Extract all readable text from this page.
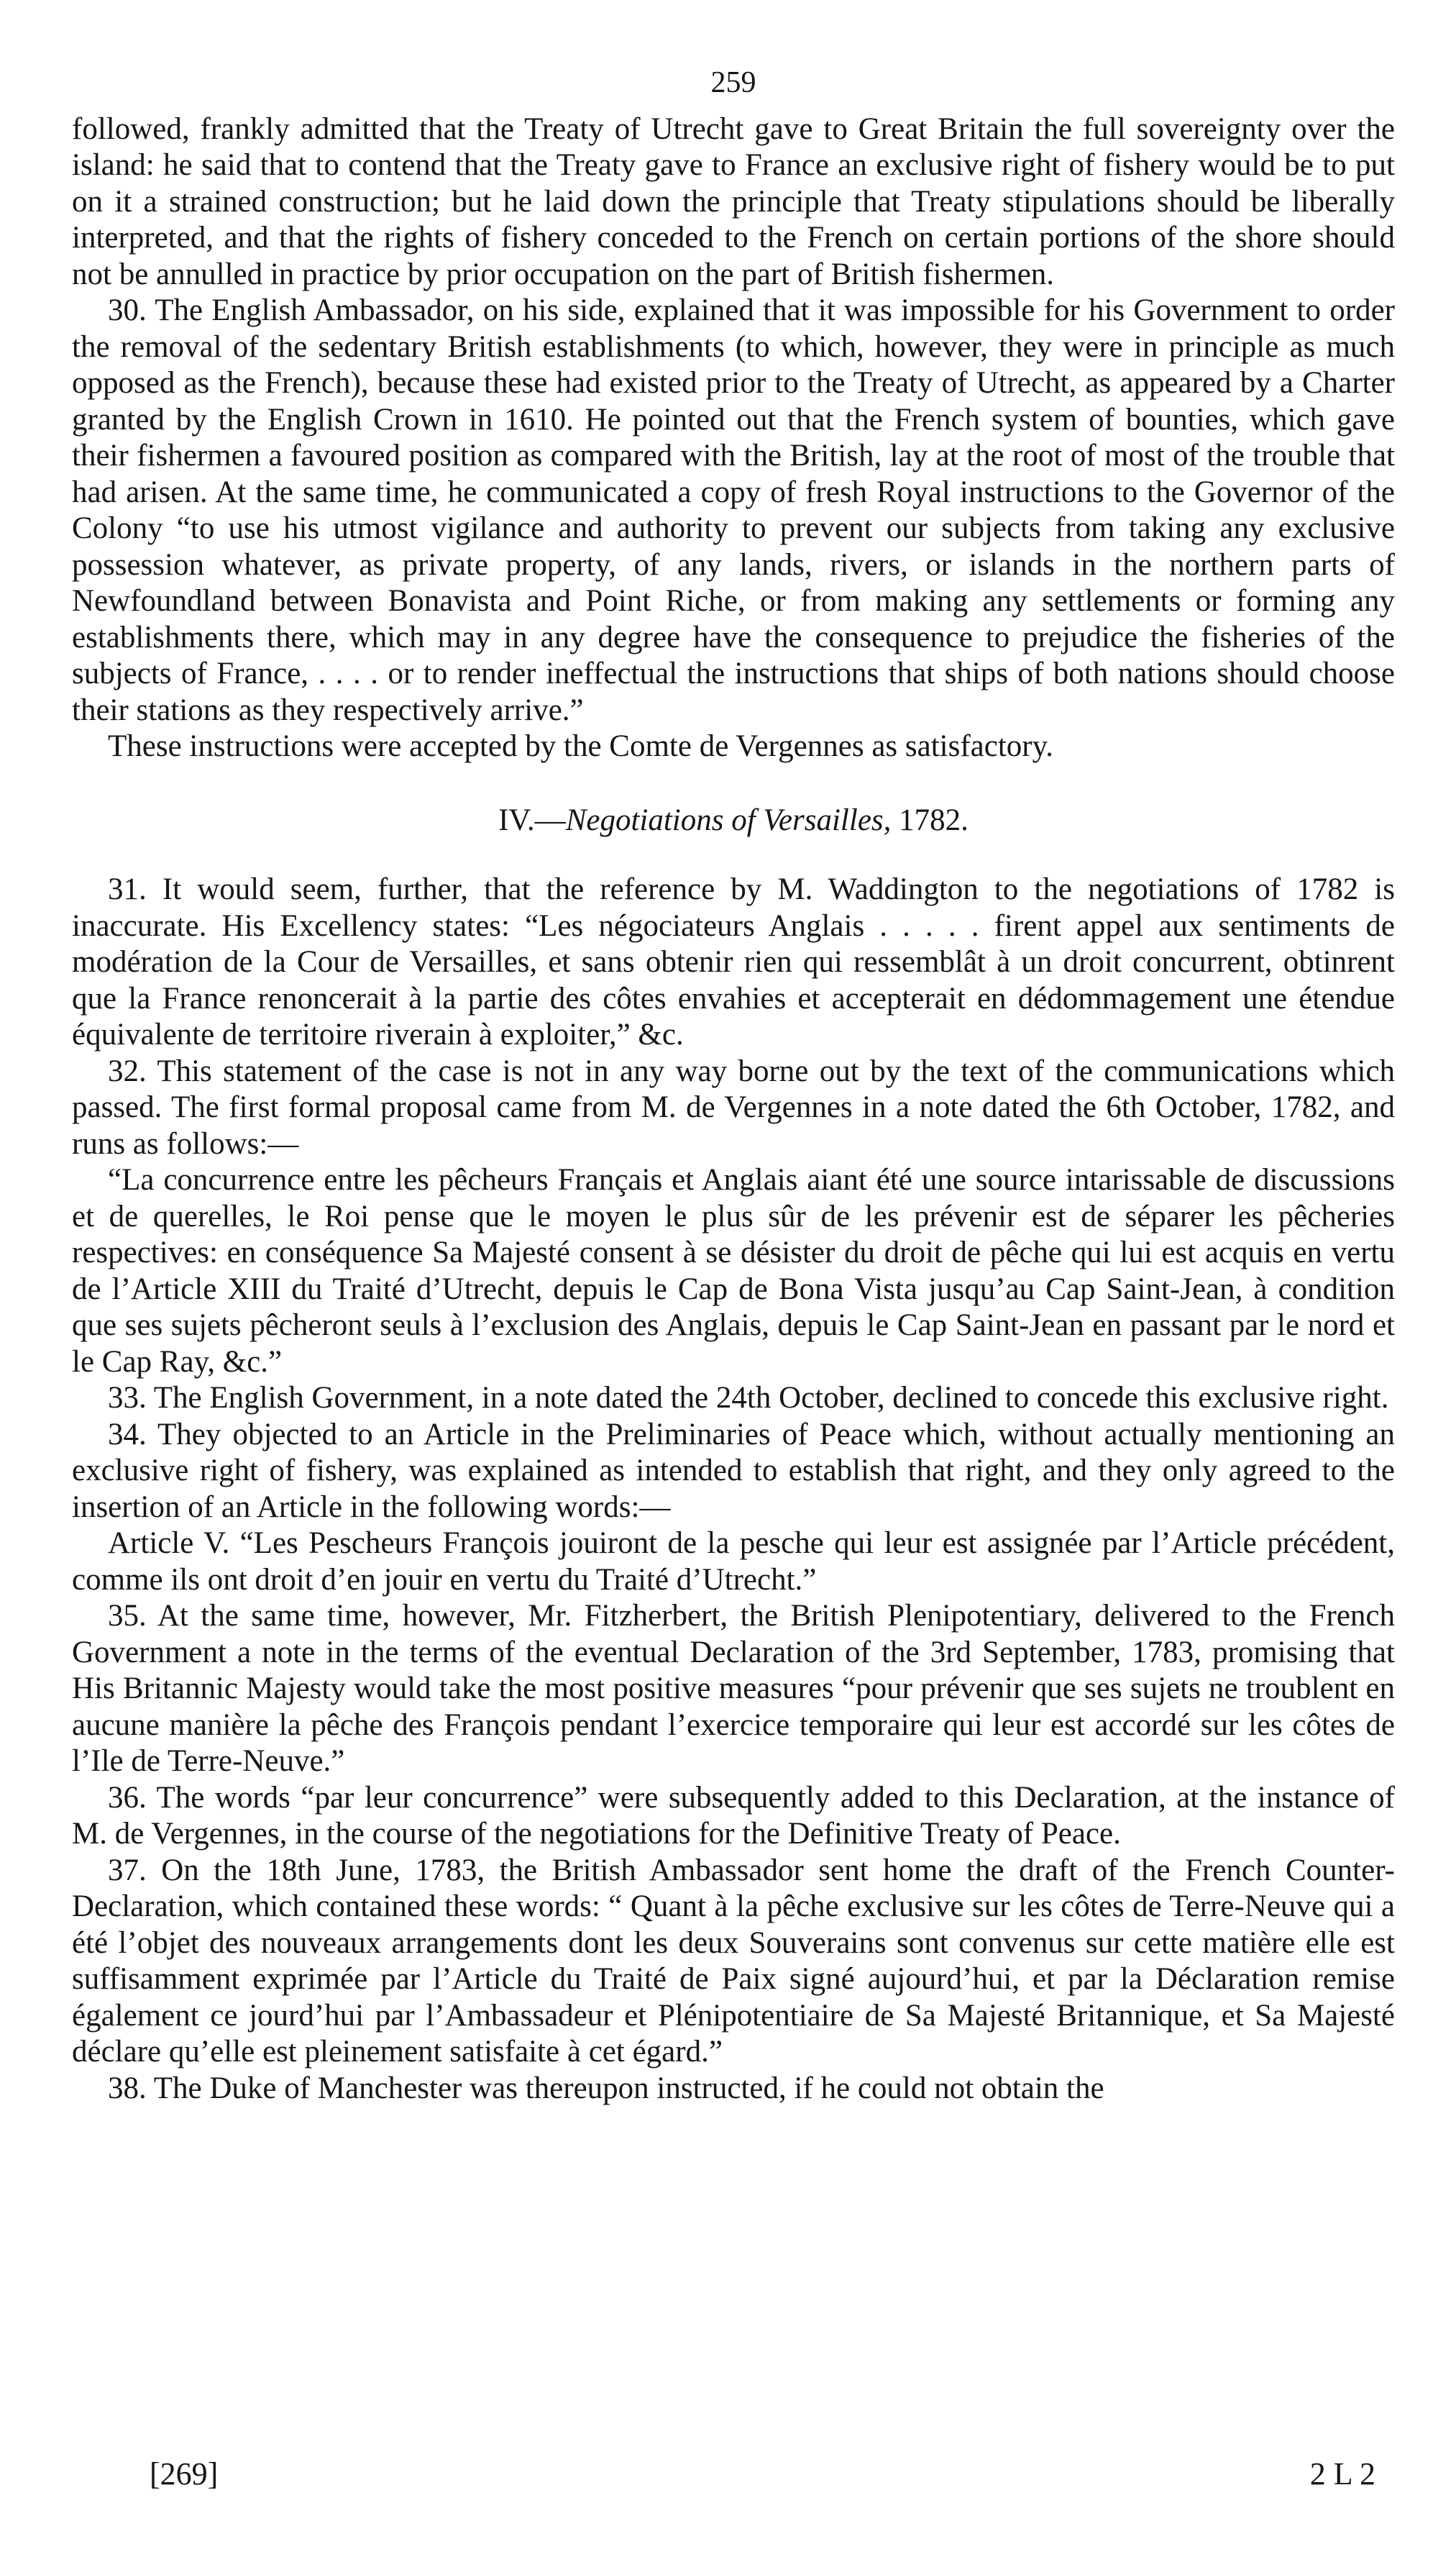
259

followed, frankly admitted that the Treaty of Utrecht gave to Great Britain the full sovereignty over the island: he said that to contend that the Treaty gave to France an exclusive right of fishery would be to put on it a strained construction; but he laid down the principle that Treaty stipulations should be liberally interpreted, and that the rights of fishery conceded to the French on certain portions of the shore should not be annulled in practice by prior occupation on the part of British fishermen.

30. The English Ambassador, on his side, explained that it was impossible for his Government to order the removal of the sedentary British establishments (to which, however, they were in principle as much opposed as the French), because these had existed prior to the Treaty of Utrecht, as appeared by a Charter granted by the English Crown in 1610. He pointed out that the French system of bounties, which gave their fishermen a favoured position as compared with the British, lay at the root of most of the trouble that had arisen. At the same time, he communicated a copy of fresh Royal instructions to the Governor of the Colony “to use his utmost vigilance and authority to prevent our subjects from taking any exclusive possession whatever, as private property, of any lands, rivers, or islands in the northern parts of Newfoundland between Bonavista and Point Riche, or from making any settlements or forming any establishments there, which may in any degree have the consequence to prejudice the fisheries of the subjects of France, . . . . or to render ineffectual the instructions that ships of both nations should choose their stations as they respectively arrive.”

These instructions were accepted by the Comte de Vergennes as satisfactory.

IV.—Negotiations of Versailles, 1782.

31. It would seem, further, that the reference by M. Waddington to the negotiations of 1782 is inaccurate. His Excellency states: “Les négociateurs Anglais . . . . . firent appel aux sentiments de modération de la Cour de Versailles, et sans obtenir rien qui ressemblât à un droit concurrent, obtinrent que la France renoncerait à la partie des côtes envahies et accepterait en dédommagement une étendue équivalente de territoire riverain à exploiter,” &c.

32. This statement of the case is not in any way borne out by the text of the communications which passed. The first formal proposal came from M. de Vergennes in a note dated the 6th October, 1782, and runs as follows:—

“La concurrence entre les pêcheurs Français et Anglais aiant été une source intarissable de discussions et de querelles, le Roi pense que le moyen le plus sûr de les prévenir est de séparer les pêcheries respectives: en conséquence Sa Majesté consent à se désister du droit de pêche qui lui est acquis en vertu de l’Article XIII du Traité d’Utrecht, depuis le Cap de Bona Vista jusqu’au Cap Saint-Jean, à condition que ses sujets pêcheront seuls à l’exclusion des Anglais, depuis le Cap Saint-Jean en passant par le nord et le Cap Ray, &c.”

33. The English Government, in a note dated the 24th October, declined to concede this exclusive right.

34. They objected to an Article in the Preliminaries of Peace which, without actually mentioning an exclusive right of fishery, was explained as intended to establish that right, and they only agreed to the insertion of an Article in the following words:—

Article V. “Les Pescheurs François jouiront de la pesche qui leur est assignée par l’Article précédent, comme ils ont droit d’en jouir en vertu du Traité d’Utrecht.”

35. At the same time, however, Mr. Fitzherbert, the British Plenipotentiary, delivered to the French Government a note in the terms of the eventual Declaration of the 3rd September, 1783, promising that His Britannic Majesty would take the most positive measures “pour prévenir que ses sujets ne troublent en aucune manière la pêche des François pendant l’exercice temporaire qui leur est accordé sur les côtes de l’Ile de Terre-Neuve.”

36. The words “par leur concurrence” were subsequently added to this Declaration, at the instance of M. de Vergennes, in the course of the negotiations for the Definitive Treaty of Peace.

37. On the 18th June, 1783, the British Ambassador sent home the draft of the French Counter-Declaration, which contained these words: “ Quant à la pêche exclusive sur les côtes de Terre-Neuve qui a été l’objet des nouveaux arrangements dont les deux Souverains sont convenus sur cette matière elle est suffisamment exprimée par l’Article du Traité de Paix signé aujourd’hui, et par la Déclaration remise également ce jourd’hui par l’Ambassadeur et Plénipotentiaire de Sa Majesté Britannique, et Sa Majesté déclare qu’elle est pleinement satisfaite à cet égard.”

38. The Duke of Manchester was thereupon instructed, if he could not obtain the

[269]	2 L 2
